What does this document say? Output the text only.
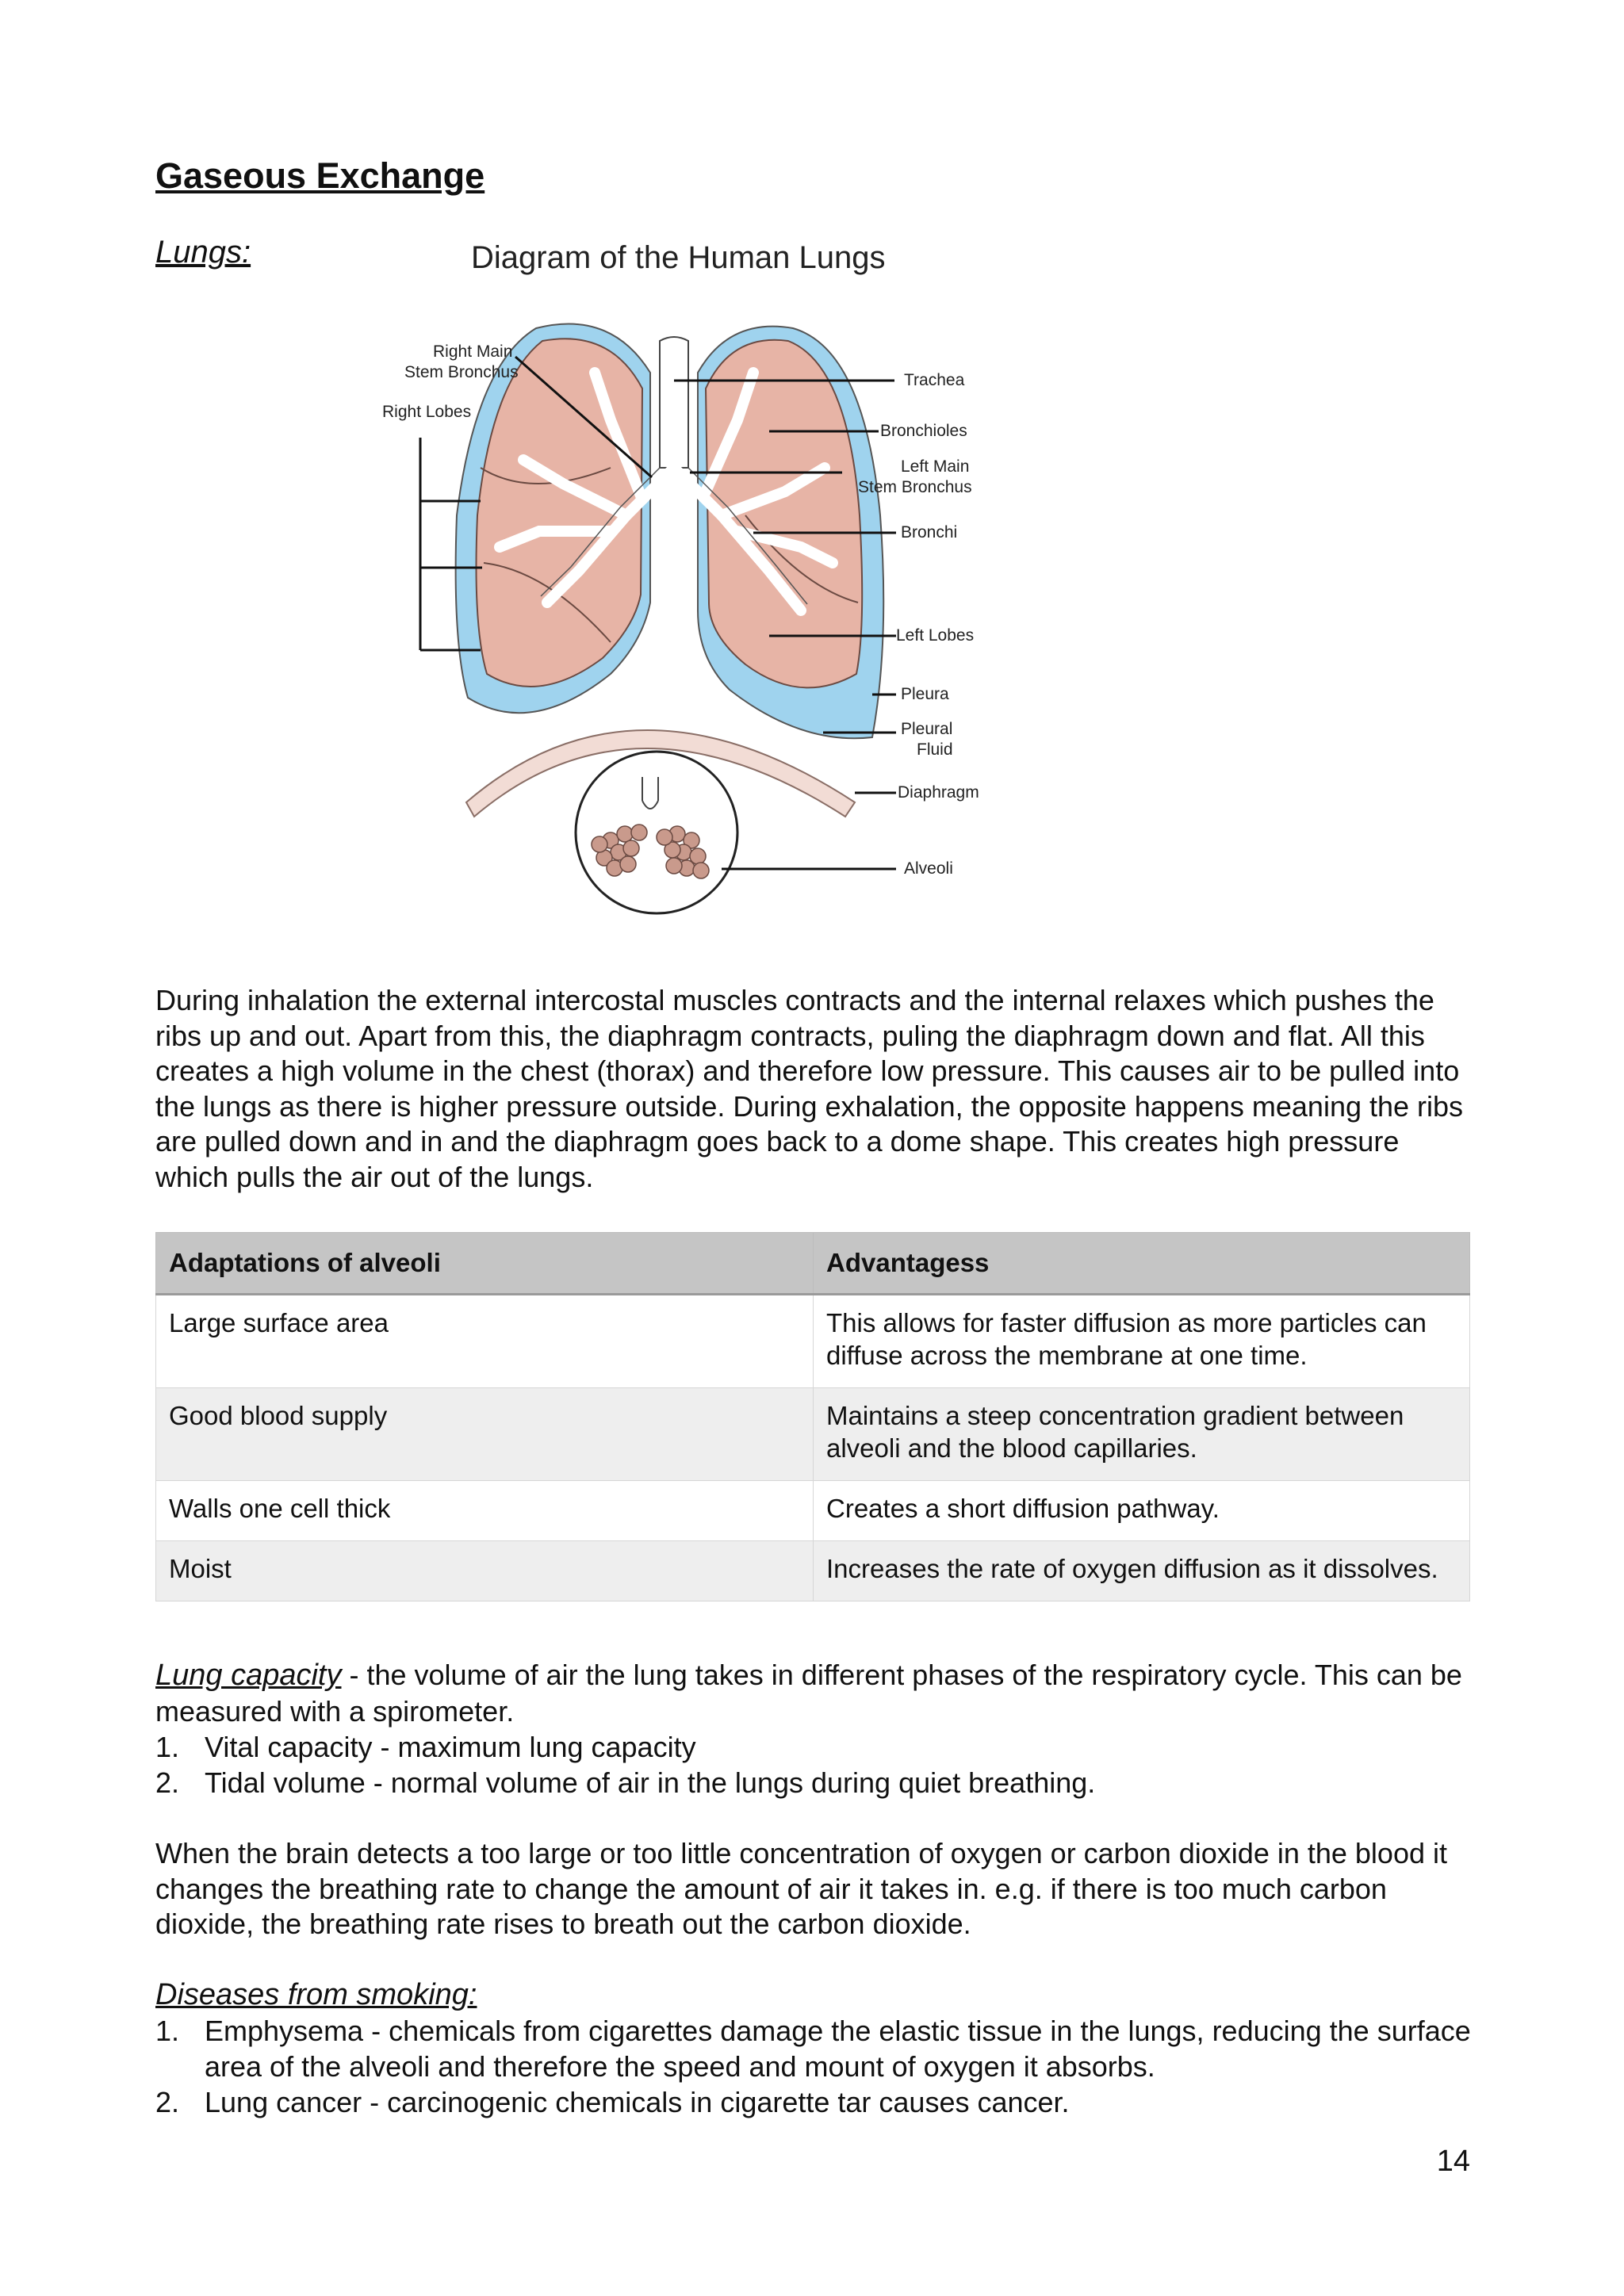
Gaseous Exchange
Lungs:	Diagram of the Human Lungs
Right Main
Stem Bronchus
Right Lobes
Trachea
Bronchioles
Left Main
Stem Bronchus
Bronchi
Left Lobes
Pleura
Pleural
Fluid
Diaphragm
Alveoli

During inhalation the external intercostal muscles contracts and the internal relaxes which pushes the ribs up and out. Apart from this, the diaphragm contracts, puling the diaphragm down and flat. All this creates a high volume in the chest (thorax) and therefore low pressure. This causes air to be pulled into the lungs as there is higher pressure outside. During exhalation, the opposite happens meaning the ribs are pulled down and in and the diaphragm goes back to a dome shape. This creates high pressure which pulls the air out of the lungs.

Adaptations of alveoli	Advantagess
Large surface area	This allows for faster diffusion as more particles can diffuse across the membrane at one time.
Good blood supply	Maintains a steep concentration gradient between alveoli and the blood capillaries.
Walls one cell thick	Creates a short diffusion pathway.
Moist	Increases the rate of oxygen diffusion as it dissolves.
Lung capacity - the volume of air the lung takes in different phases of the respiratory cycle. This can be measured with a spirometer.
1. Vital capacity - maximum lung capacity
2. Tidal volume - normal volume of air in the lungs during quiet breathing.

When the brain detects a too large or too little concentration of oxygen or carbon dioxide in the blood it changes the breathing rate to change the amount of air it takes in. e.g. if there is too much carbon dioxide, the breathing rate rises to breath out the carbon dioxide.

Diseases from smoking:
1. Emphysema - chemicals from cigarettes damage the elastic tissue in the lungs, reducing the surface area of the alveoli and therefore the speed and mount of oxygen it absorbs.
2. Lung cancer - carcinogenic chemicals in cigarette tar causes cancer.
14
